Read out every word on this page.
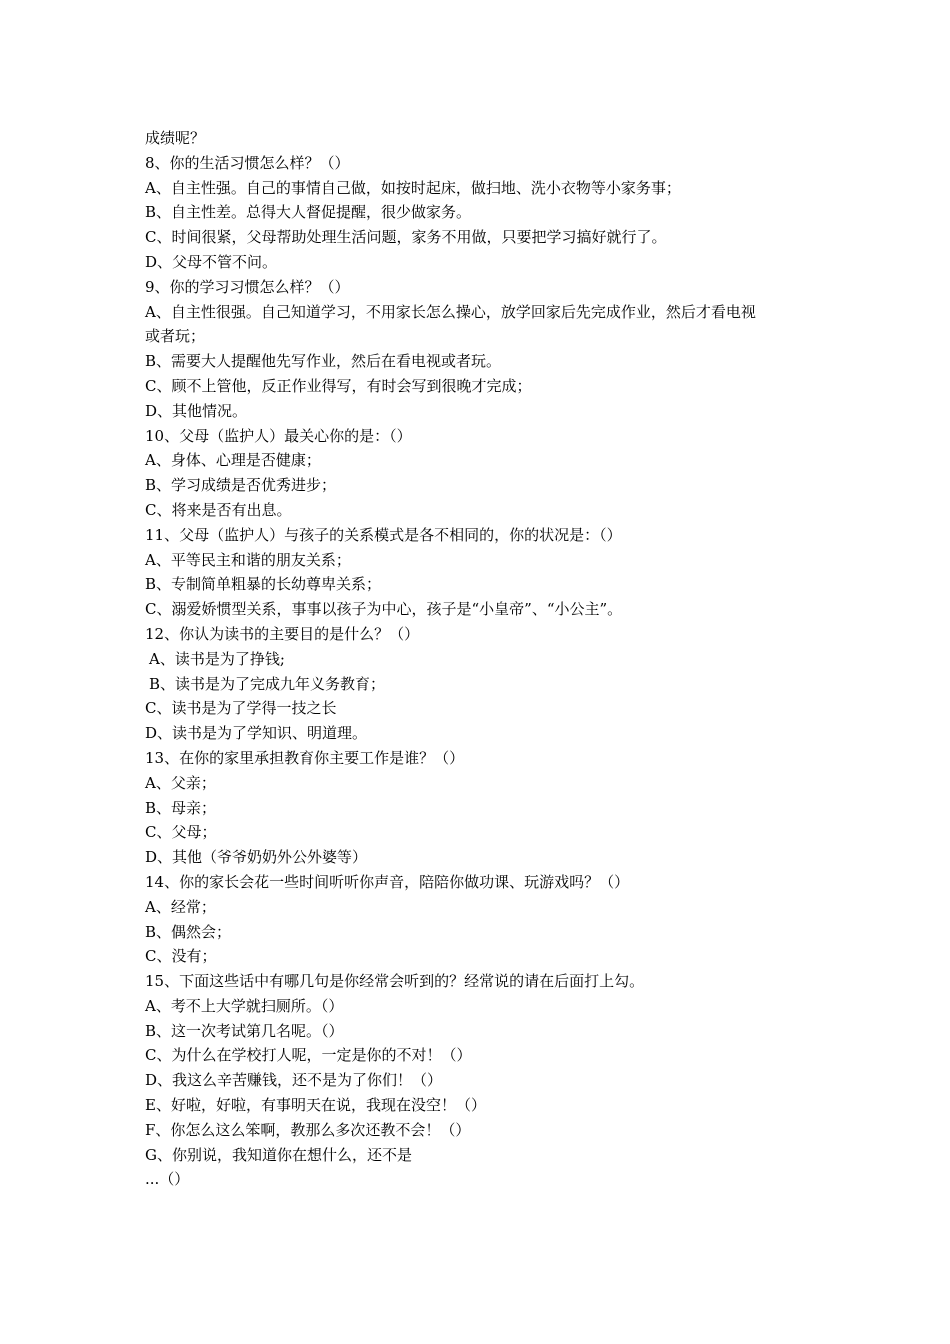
成绩呢？
8、你的生活习惯怎么样？（）
A、自主性强。自己的事情自己做，如按时起床，做扫地、洗小衣物等小家务事；
B、自主性差。总得大人督促提醒，很少做家务。
C、时间很紧，父母帮助处理生活问题，家务不用做，只要把学习搞好就行了。
D、父母不管不问。
9、你的学习习惯怎么样？（）
A、自主性很强。自己知道学习，不用家长怎么操心，放学回家后先完成作业，然后才看电视
或者玩；
B、需要大人提醒他先写作业，然后在看电视或者玩。
C、顾不上管他，反正作业得写，有时会写到很晚才完成；
D、其他情况。
10、父母（监护人）最关心你的是：（）
A、身体、心理是否健康；
B、学习成绩是否优秀进步；
C、将来是否有出息。
11、父母（监护人）与孩子的关系模式是各不相同的，你的状况是：（）
A、平等民主和谐的朋友关系；
B、专制简单粗暴的长幼尊卑关系；
C、溺爱娇惯型关系，事事以孩子为中心，孩子是“小皇帝”、“小公主”。
12、你认为读书的主要目的是什么？（）
A、读书是为了挣钱;
B、读书是为了完成九年义务教育；
C、读书是为了学得一技之长
D、读书是为了学知识、明道理。
13、在你的家里承担教育你主要工作是谁？（）
A、父亲；
B、母亲；
C、父母；
D、其他（爷爷奶奶外公外婆等）
14、你的家长会花一些时间听听你声音，陪陪你做功课、玩游戏吗？（）
A、经常；
B、偶然会；
C、没有；
15、下面这些话中有哪几句是你经常会听到的？经常说的请在后面打上勾。
A、考不上大学就扫厕所。（）
B、这一次考试第几名呢。（）
C、为什么在学校打人呢，一定是你的不对！（）
D、我这么辛苦赚钱，还不是为了你们！（）
E、好啦，好啦，有事明天在说，我现在没空！（）
F、你怎么这么笨啊，教那么多次还教不会！（）
G、你别说，我知道你在想什么，还不是
...（）
